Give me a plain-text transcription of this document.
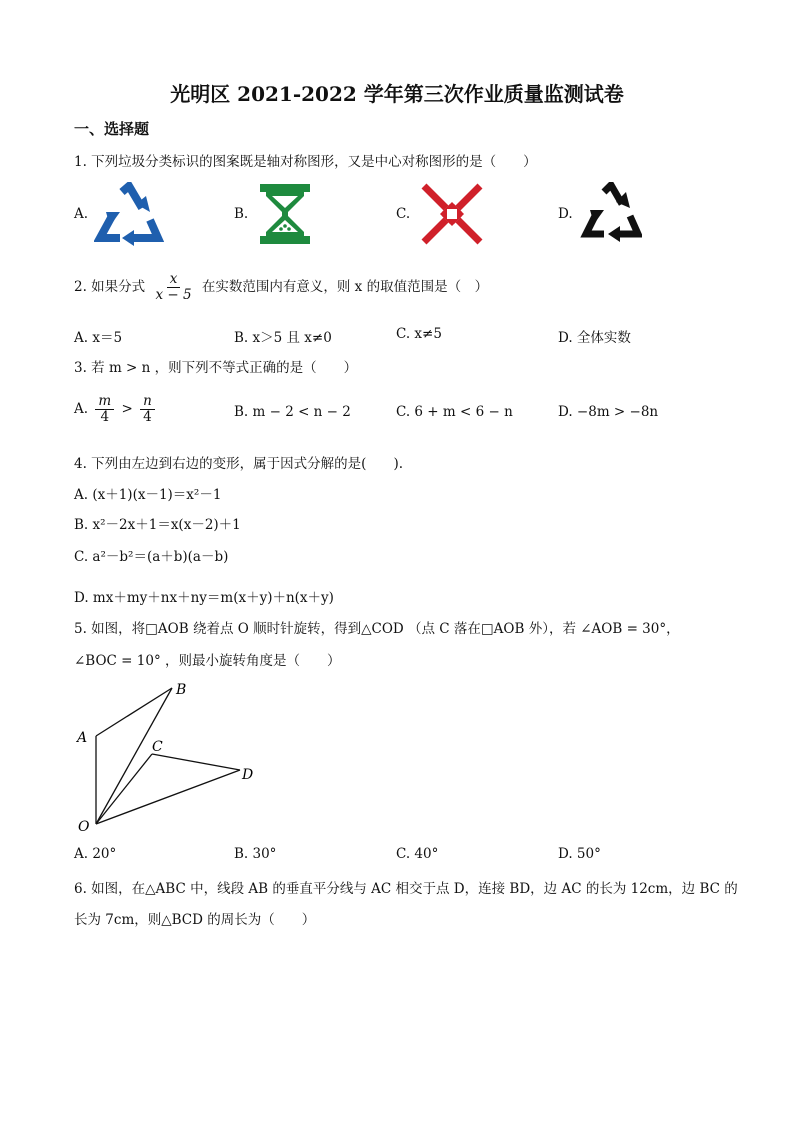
光明区 2021-2022 学年第三次作业质量监测试卷
一、选择题
1. 下列垃圾分类标识的图案既是轴对称图形，又是中心对称图形的是（　　）
A.	B.	C.	D.
2. 如果分式 $\frac{x}{x - 5}$ 在实数范围内有意义，则 x 的取值范围是（　）
A. x＝5	B. x＞5 且 x≠0	C. x≠5	D. 全体实数
3. 若 m > n ，则下列不等式正确的是（　　）
A. $\frac{m}{4} > \frac{n}{4}$	B. m − 2 < n − 2	C. 6 + m < 6 − n	D. −8m > −8n
4. 下列由左边到右边的变形，属于因式分解的是(　　).
A. (x＋1)(x－1)＝x²－1
B. x²－2x＋1＝x(x－2)＋1
C. a²－b²＝(a＋b)(a－b)
D. mx＋my＋nx＋ny＝m(x＋y)＋n(x＋y)
5. 如图，将□AOB 绕着点 O 顺时针旋转，得到△COD （点 C 落在□AOB 外），若 ∠AOB = 30°，
∠BOC = 10° ，则最小旋转角度是（　　）
A
B
C
D
O
A. 20°	B. 30°	C. 40°	D. 50°
6. 如图，在△ABC 中，线段 AB 的垂直平分线与 AC 相交于点 D，连接 BD，边 AC 的长为 12cm，边 BC 的
长为 7cm，则△BCD 的周长为（　　）
